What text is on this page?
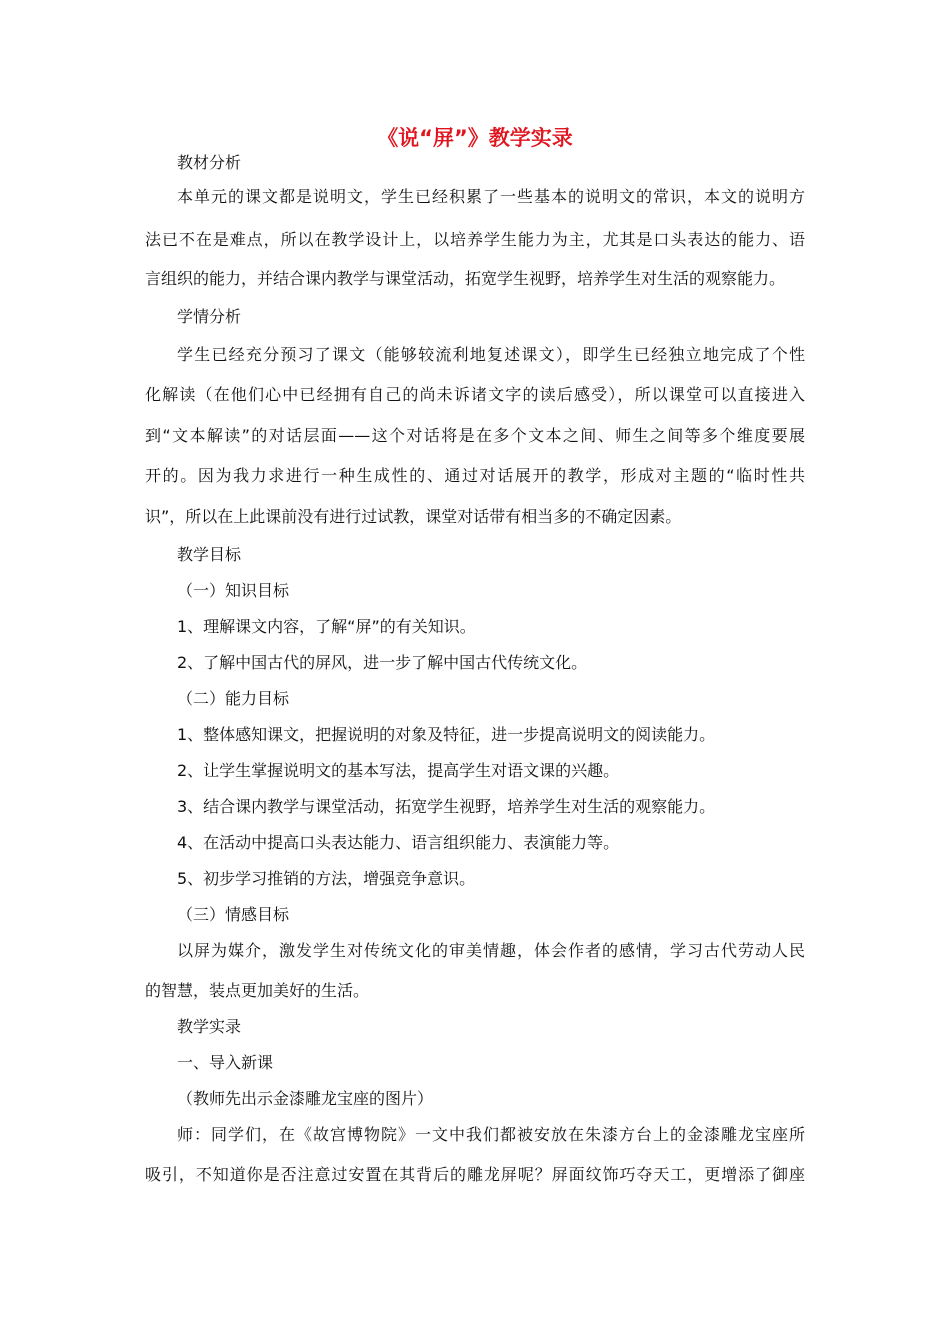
《说“屏”》教学实录
教材分析
本单元的课文都是说明文，学生已经积累了一些基本的说明文的常识，本文的说明方
法已不在是难点，所以在教学设计上，以培养学生能力为主，尤其是口头表达的能力、语
言组织的能力，并结合课内教学与课堂活动，拓宽学生视野，培养学生对生活的观察能力。
学情分析
学生已经充分预习了课文（能够较流利地复述课文），即学生已经独立地完成了个性
化解读（在他们心中已经拥有自己的尚未诉诸文字的读后感受），所以课堂可以直接进入
到“文本解读”的对话层面——这个对话将是在多个文本之间、师生之间等多个维度要展
开的。因为我力求进行一种生成性的、通过对话展开的教学，形成对主题的“临时性共
识”，所以在上此课前没有进行过试教，课堂对话带有相当多的不确定因素。
教学目标
（一）知识目标
1、理解课文内容，了解“屏”的有关知识。
2、了解中国古代的屏风，进一步了解中国古代传统文化。
（二）能力目标
1、整体感知课文，把握说明的对象及特征，进一步提高说明文的阅读能力。
2、让学生掌握说明文的基本写法，提高学生对语文课的兴趣。
3、结合课内教学与课堂活动，拓宽学生视野，培养学生对生活的观察能力。
4、在活动中提高口头表达能力、语言组织能力、表演能力等。
5、初步学习推销的方法，增强竞争意识。
（三）情感目标
以屏为媒介，激发学生对传统文化的审美情趣，体会作者的感情，学习古代劳动人民
的智慧，装点更加美好的生活。
教学实录
一、导入新课
（教师先出示金漆雕龙宝座的图片）
师：同学们，在《故宫博物院》一文中我们都被安放在朱漆方台上的金漆雕龙宝座所
吸引，不知道你是否注意过安置在其背后的雕龙屏呢？屏面纹饰巧夺天工，更增添了御座
